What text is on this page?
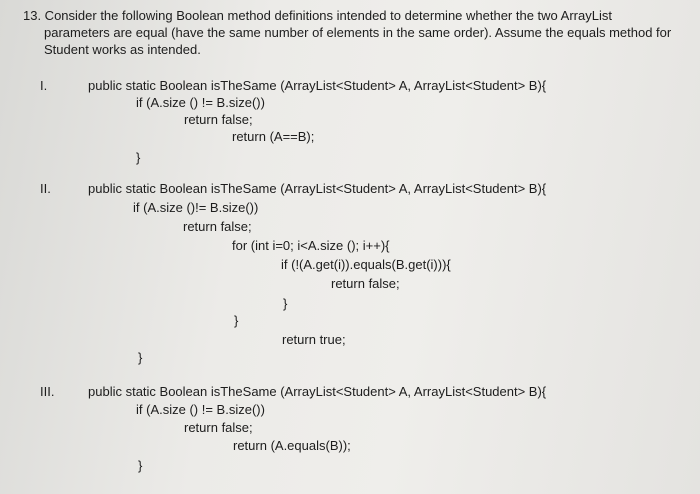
13. Consider the following Boolean method definitions intended to determine whether the two ArrayList
parameters are equal (have the same number of elements in the same order). Assume the equals method for
Student works as intended.
I.	public static Boolean isTheSame (ArrayList<Student> A, ArrayList<Student> B){
if (A.size () != B.size())
return false;
return (A==B);
}
II.	public static Boolean isTheSame (ArrayList<Student> A, ArrayList<Student> B){
if (A.size ()!= B.size())
return false;
for (int i=0; i<A.size (); i++){
if (!(A.get(i)).equals(B.get(i))){
return false;
}
}
return true;
}
III.	public static Boolean isTheSame (ArrayList<Student> A, ArrayList<Student> B){
if (A.size () != B.size())
return false;
return (A.equals(B));
}
